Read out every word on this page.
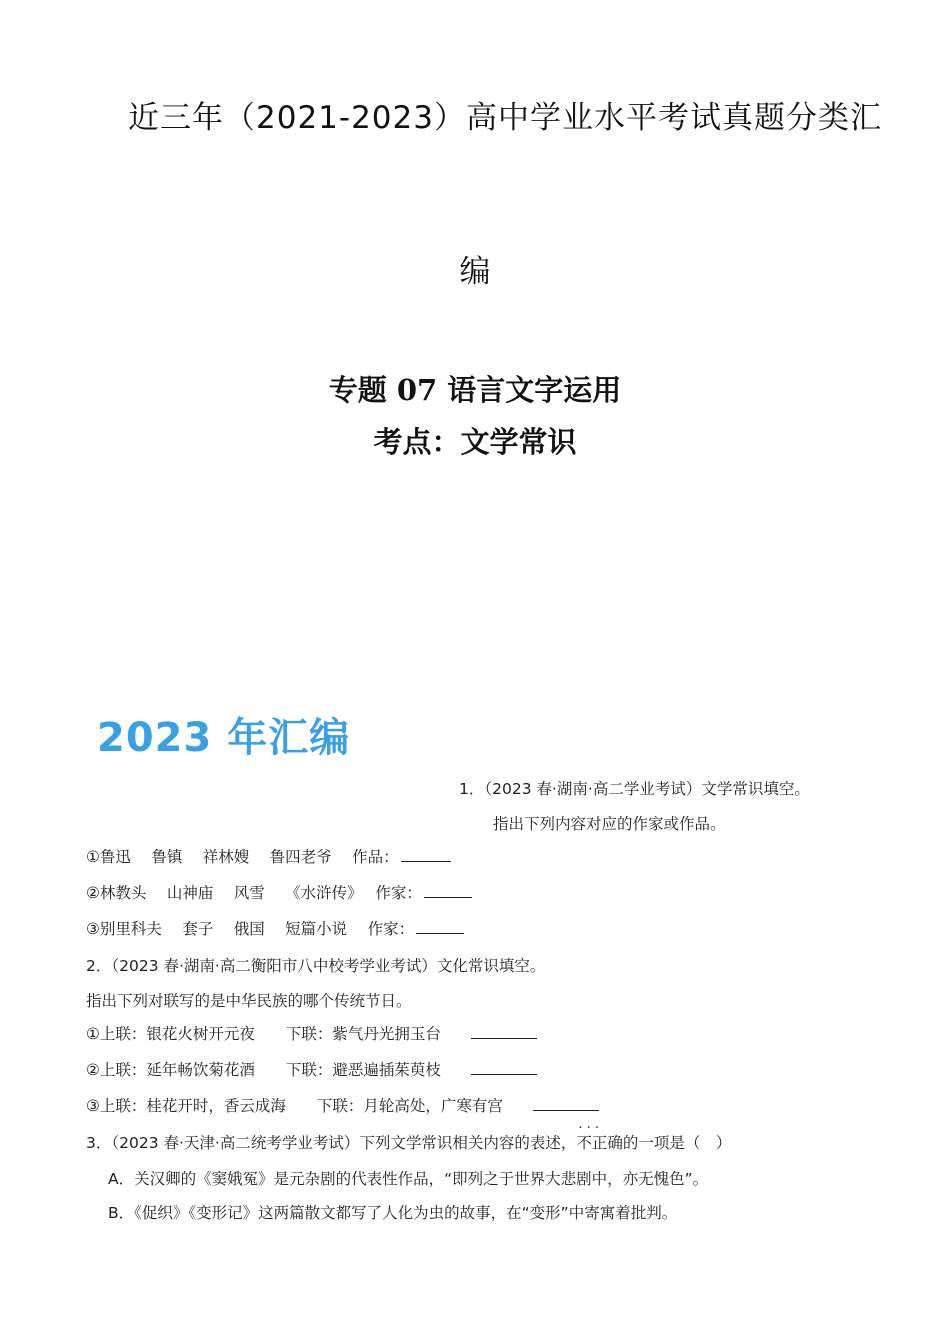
近三年（2021-2023）高中学业水平考试真题分类汇
编
专题 07 语言文字运用
考点：文学常识
2023 年汇编
1．（2023 春·湖南·高二学业考试）文学常识填空。
指出下列内容对应的作家或作品。
①鲁迅　 鲁镇　 祥林嫂　 鲁四老爷　 作品：
②林教头　 山神庙　 风雪　 《水浒传》　 作家：
③别里科夫　 套子　 俄国　 短篇小说　 作家：
2．（2023 春·湖南·高二衡阳市八中校考学业考试）文化常识填空。
指出下列对联写的是中华民族的哪个传统节日。
①上联：银花火树开元夜　　下联：紫气丹光拥玉台
②上联：延年畅饮菊花酒　　下联：避恶遍插茱萸枝
③上联：桂花开时，香云成海　　下联：月轮高处，广寒有宫
3．（2023 春·天津·高二统考学业考试）下列文学常识相关内容的表述，· · · 不正确的一项是（　）
A．关汉卿的《窦娥冤》是元杂剧的代表性作品，“即列之于世界大悲剧中，亦无愧色”。
B．《促织》《变形记》这两篇散文都写了人化为虫的故事，在“变形”中寄寓着批判。
